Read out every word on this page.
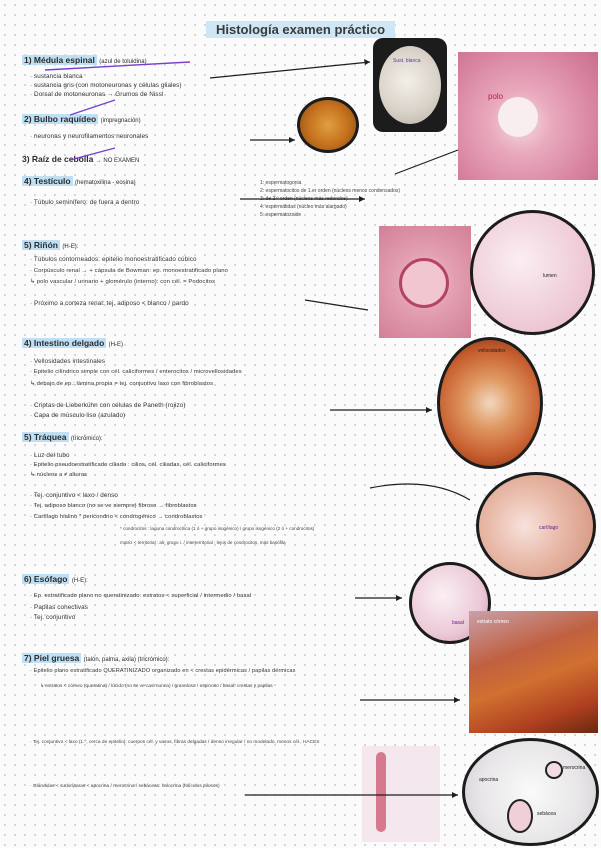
Histología examen práctico
1) Médula espinal (azul de toluidina)
· sustancia blanca
· sustancia gris (con motoneuronas y células gliales)
· Dorsal de motoneuronas → Grumos de Nissl
2) Bulbo raquídeo (impregnación)
· neuronas y neurofilamentos neuronales
3) Raíz de cebolla → NO EXAMEN
4) Testículo (hematoxilina - eosina)
· Túbulo seminífero: de fuera a dentro
1: espermatogonia
2: espermatocitos de 1.er orden (núcleos menos condensados)
3: de 2.º orden (núcleos más redondos)
4: espermátidas (núcleo más alargado)
5: espermatozoide
5) Riñón (H-E):
· Túbulos contorneados: epitelio monoestratificado cúbico
· Corpúsculo renal → + cápsula de Bowman: ep. monoestratificado plano
↳ polo vascular / urinario + glomérulo (interno): con cél. = Podocitos
· Próximo a corteza renal: tej. adiposo < blanco / pardo
4) Intestino delgado (H-E)
· Vellosidades intestinales
· Epitelio cilíndrico simple con cél. caliciformes / enterocitos / microvellosidades
↳ debajo de ep.: lámina propia = tej. conjuntivo laxo con fibroblastos
· Criptas de Lieberkühn con células de Paneth (rojizo)
· Capa de músculo liso (azulado)
5) Tráquea (tricrómico):
· Luz del tubo
· Epitelio pseudoestratificado ciliado : cilios, cél. ciliadas, cél. caliciformes
↳ núcleos a ≠ alturas
· Tej. conjuntivo < laxo / denso
· Tej. adiposo blanco (no se ve siempre) fibroso → fibroblastos
· Cartílago hialino * pericondrio < condrogénico → condroblastos
* condrocitos : laguna condrocítica (1 ó + grupo isogénico) / grupo isogénico (2 ó + condrocitos)
matriz < territorial : alr. grupo i. / interterritorial : lejos de condrocitos, más basófila
6) Esófago (H-E):
· Ep. estratificado plano no queratinizado: estratos < superficial / intermedio / basal
· Papilas conectivas
· Tej. conjuntivo
7) Piel gruesa (talón, palma, axila) (tricrómico):
· Epitelio plano estratificado QUERATINIZADO organizado en < crestas epidérmicas / papilas dérmicas
↳ estratos < córneo (queratina) / lúcido (no se ve casi nunca) / granuloso / espinoso / basal: crestas y papilas
· Tej. conjuntivo < laxo (1.º, cerca de epitelio): cuerpos cél. y vasos, fibras delgadas / denso irregular / no modelado, menos cél., HACES
· Glándulas < sudoríparas < apocrina / merocrina / sebáceas: holocrina (folículos pilosos)
Sust. blanca
polo
lumen
vellosidades
cartílago
basal	estrato córneo
apocrina
merocrina
sebácea
